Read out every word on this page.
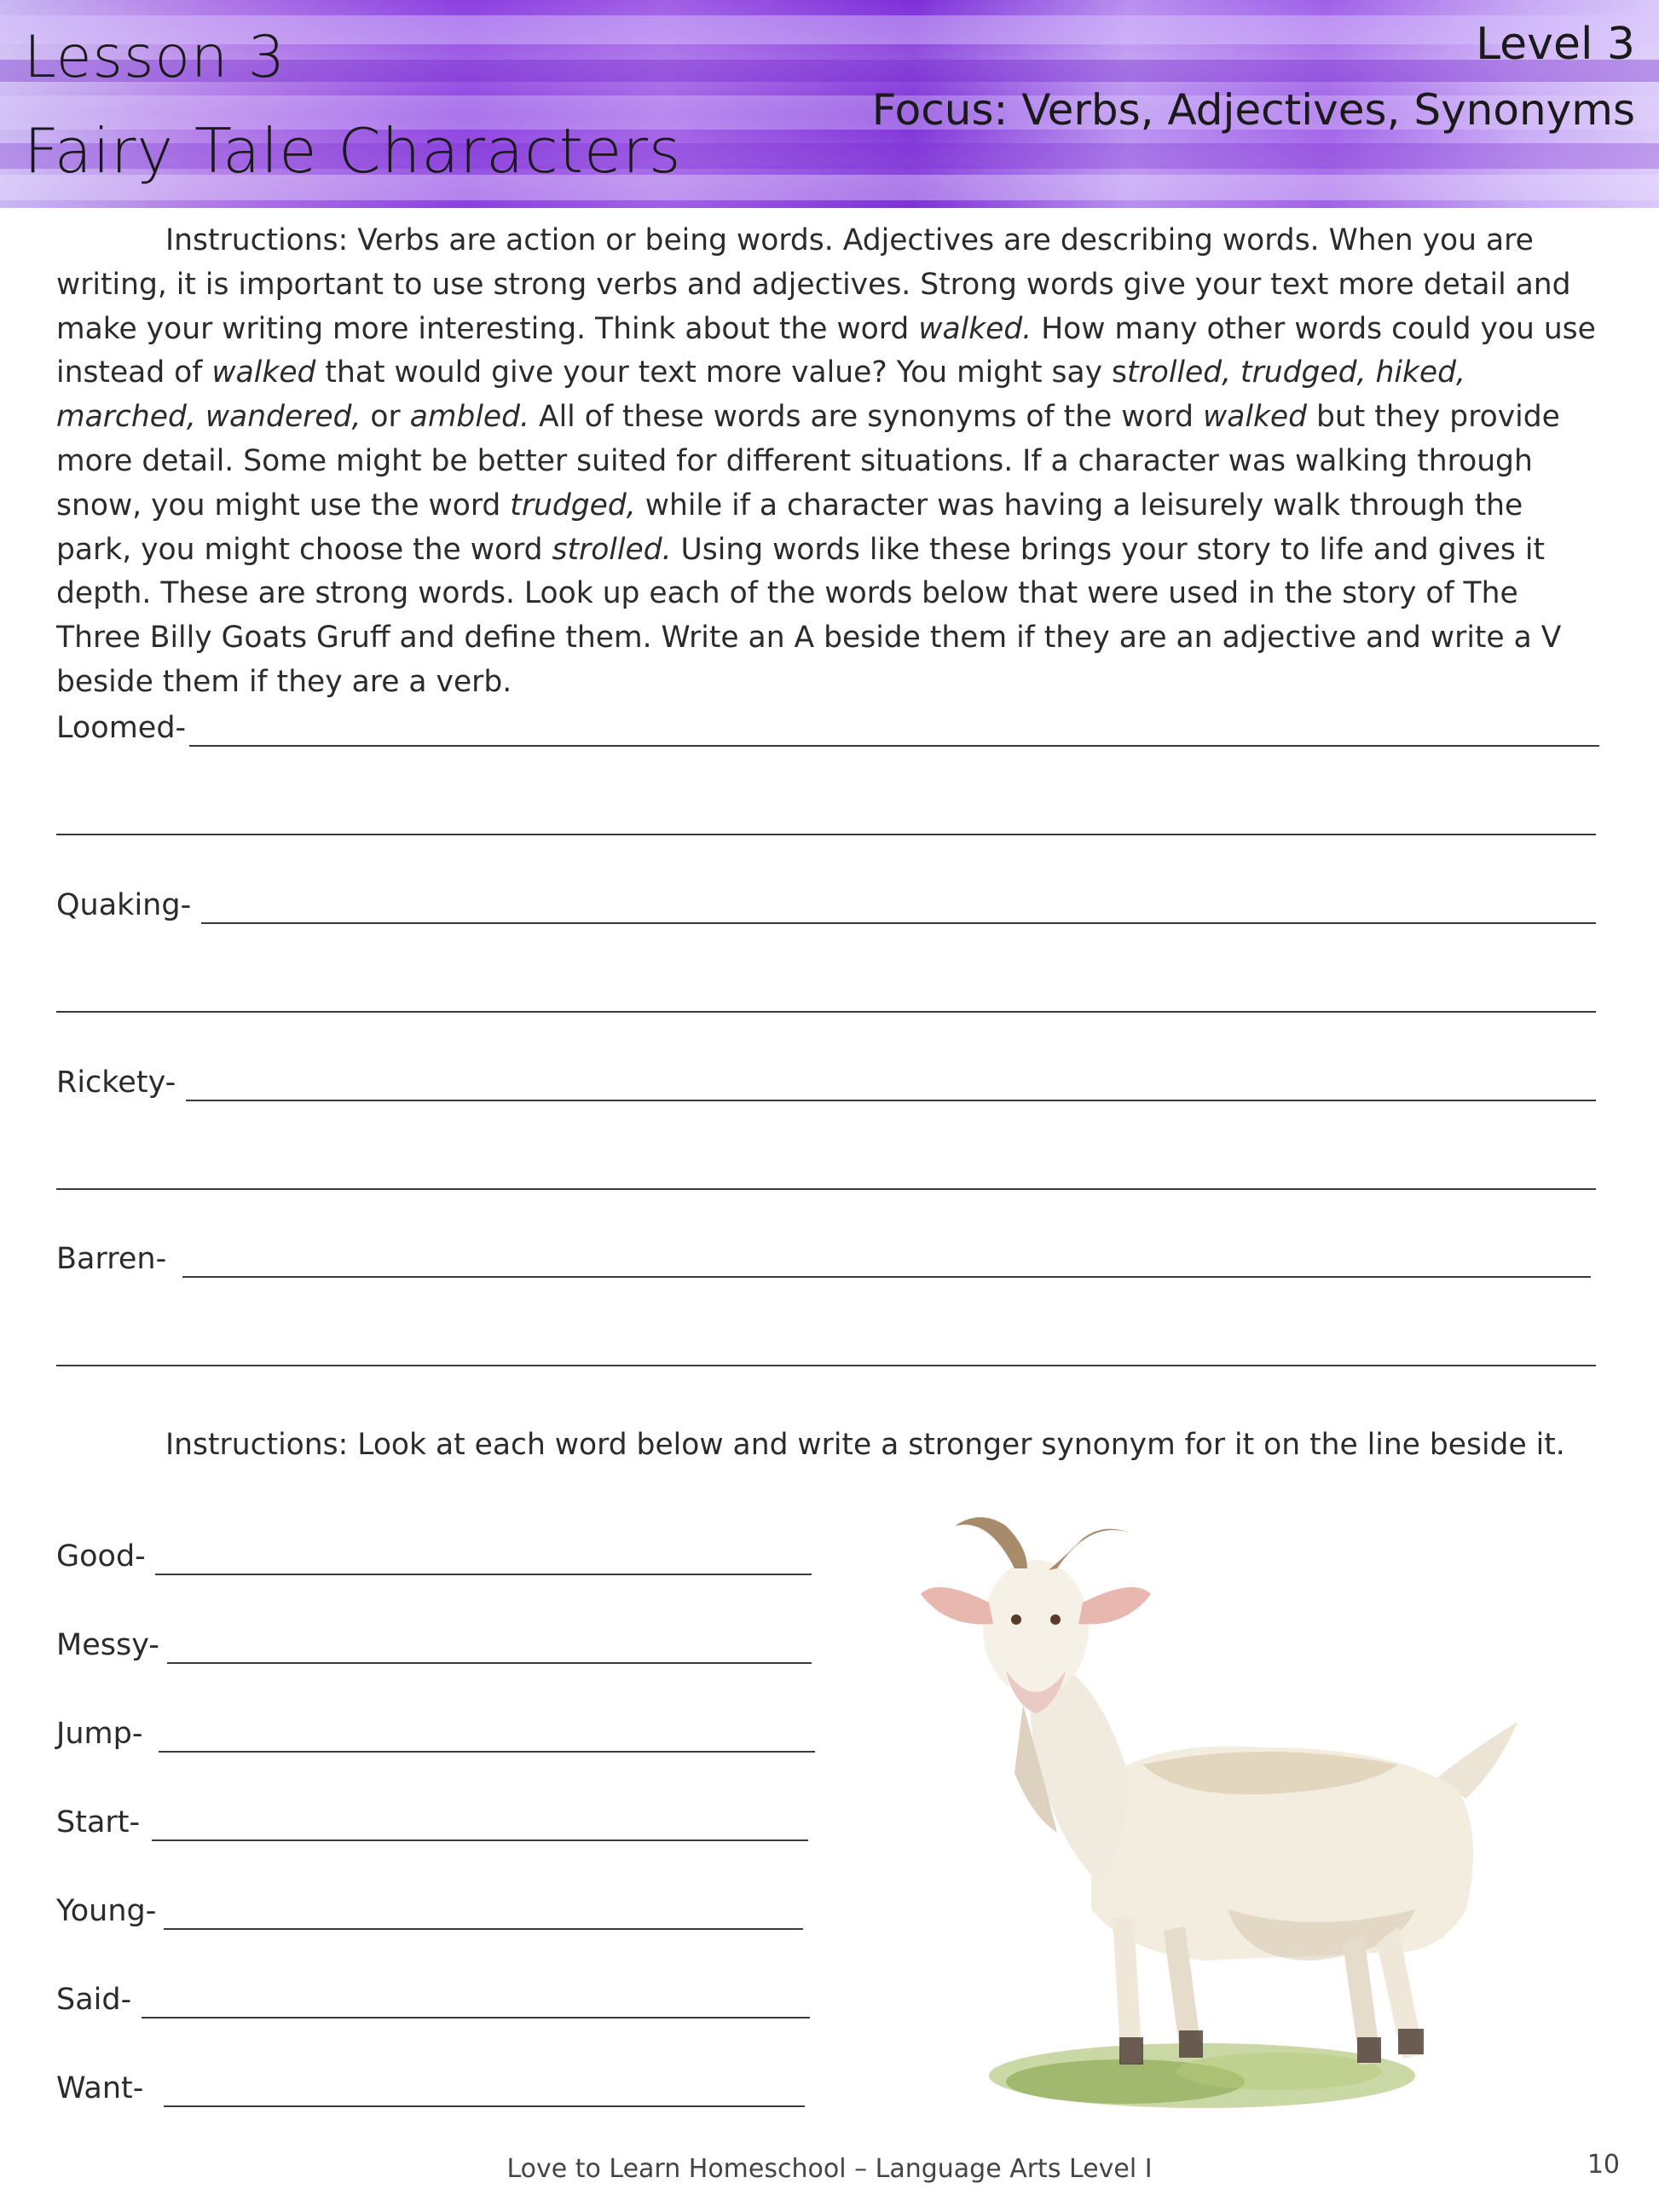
Lesson 3
Fairy Tale Characters
Level 3
Focus: Verbs, Adjectives, Synonyms
Instructions: Verbs are action or being words. Adjectives are describing words. When you are writing, it is important to use strong verbs and adjectives. Strong words give your text more detail and make your writing more interesting. Think about the word walked. How many other words could you use instead of walked that would give your text more value? You might say strolled, trudged, hiked, marched, wandered, or ambled. All of these words are synonyms of the word walked but they provide more detail. Some might be better suited for different situations. If a character was walking through snow, you might use the word trudged, while if a character was having a leisurely walk through the park, you might choose the word strolled. Using words like these brings your story to life and gives it depth. These are strong words. Look up each of the words below that were used in the story of The Three Billy Goats Gruff and define them. Write an A beside them if they are an adjective and write a V beside them if they are a verb.
Loomed-
Quaking-
Rickety-
Barren-
Instructions: Look at each word below and write a stronger synonym for it on the line beside it.
Good-
Messy-
Jump-
Start-
Young-
Said-
Want-
Love to Learn Homeschool – Language Arts Level I	10
